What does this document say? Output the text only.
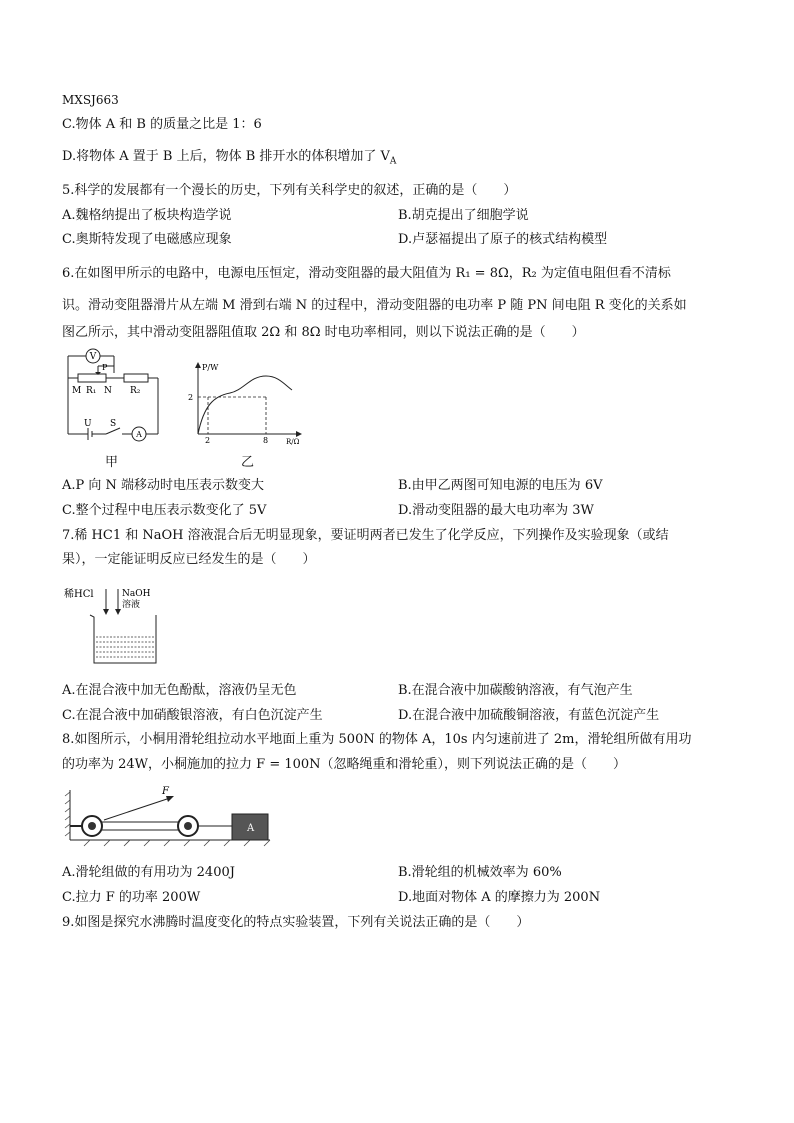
MXSJ663
C.物体 A 和 B 的质量之比是 1：6
D.将物体 A 置于 B 上后，物体 B 排开水的体积增加了 $V_A$
5.科学的发展都有一个漫长的历史，下列有关科学史的叙述，正确的是（　　）
A.魏格纳提出了板块构造学说	B.胡克提出了细胞学说
C.奥斯特发现了电磁感应现象	D.卢瑟福提出了原子的核式结构模型
6.在如图甲所示的电路中，电源电压恒定，滑动变阻器的最大阻值为 R₁ = 8Ω，R₂ 为定值电阻但看不清标
识。滑动变阻器滑片从左端 M 滑到右端 N 的过程中，滑动变阻器的电功率 P 随 PN 间电阻 R 变化的关系如
图乙所示，其中滑动变阻器阻值取 2Ω 和 8Ω 时电功率相同，则以下说法正确的是（　　）
V
P
M R₁ N R₂
U S
A
甲
P/W
2
2	8	R/Ω
乙
A.P 向 N 端移动时电压表示数变大	B.由甲乙两图可知电源的电压为 6V
C.整个过程中电压表示数变化了 5V	D.滑动变阻器的最大电功率为 3W
7.稀 HC1 和 NaOH 溶液混合后无明显现象，要证明两者已发生了化学反应，下列操作及实验现象（或结
果），一定能证明反应已经发生的是（　　）
稀HCl	NaOH
溶液
A.在混合液中加无色酚酞，溶液仍呈无色	B.在混合液中加碳酸钠溶液，有气泡产生
C.在混合液中加硝酸银溶液，有白色沉淀产生	D.在混合液中加硫酸铜溶液，有蓝色沉淀产生
8.如图所示，小桐用滑轮组拉动水平地面上重为 500N 的物体 A，10s 内匀速前进了 2m，滑轮组所做有用功
的功率为 24W，小桐施加的拉力 F = 100N（忽略绳重和滑轮重），则下列说法正确的是（　　）
F
A
A.滑轮组做的有用功为 2400J	B.滑轮组的机械效率为 60%
C.拉力 F 的功率 200W	D.地面对物体 A 的摩擦力为 200N
9.如图是探究水沸腾时温度变化的特点实验装置，下列有关说法正确的是（　　）
